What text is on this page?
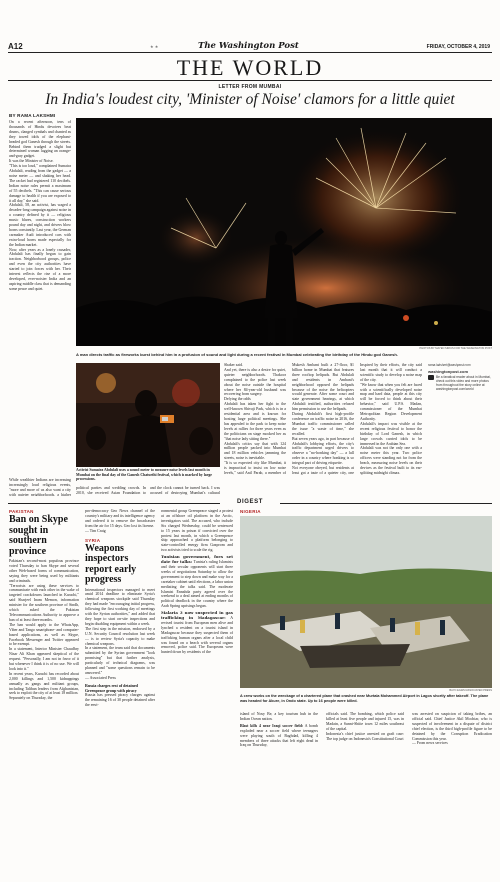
A12	★ ★	The Washington Post	FRIDAY, OCTOBER 4, 2019
THE WORLD
LETTER FROM MUMBAI
In India's loudest city, 'Minister of Noise' clamors for a little quiet
BY RAMA LAKSHMI
On a recent afternoon, tens of thousands of Hindu devotees beat drums, clanged cymbals and chanted as they towed idols of the elephant-headed god Ganesh through the streets. Behind them trudged a slight but determined woman lugging an orange-and-gray gadget.
It was the Minister of Noise.
"This is too loud," complained Sumaira Abdulali, reading from the gadget — a noise meter — and shaking her head. The racket had registered 110 decibels. Indian noise rules permit a maximum of 55 decibels. "This can cause serious damage to health if you are exposed to it all day," she said.
Abdulali, 58, an activist, has waged a decades-long campaign against noise in a country defined by it — religious music blares, construction workers pound day and night, and drivers blow horns constantly. Last year, the German carmaker Audi introduced cars with extra-loud horns made especially for the Indian market.
Now, after years as a lonely crusader, Abdulali has finally begun to gain traction. Neighborhood groups, police and even the city authorities have started to join forces with her. Their interest reflects the rise of a more developed, ever-noisier India and an aspiring middle class that is demanding some peace and quiet.
PHOTOS BY MAYEN SIRIUS FOR THE WASHINGTON POST
A man directs traffic as fireworks burst behind him in a profusion of sound and light during a recent festival in Mumbai celebrating the birthday of the Hindu god Ganesh.
Shaker said.
And yet, there is also a desire for quiet, quieter neighborhoods. Thakoor complained to the police last week about the noise outside the hospital where her 84-year-old husband was recovering from surgery.
Defying the odds
Abdulali has taken her fight to the well-known Shivaji Park, which is in a residential area and is known for hosting large political meetings. She has appealed to the park to keep noise levels at rallies for three years even as the politicians on stage mocked her as "that noise lady sitting there."
Abdulali's critics say that with 124 million people packed into Mumbai and 18 million vehicles jamming the streets, noise is inevitable.
"It is so expected city like Mumbai, it is impractical to insist on low noise levels," said Anil Parab, a member of

Mukesh Ambani built a 27-floor, $1 billion home in Mumbai that features three rooftop helipads. But Abdulali and residents in Ambani's neighborhood opposed the helipads because of the noise the helicopters would generate. After some court and state government hearings, at which Abdulali testified, authorities refused him permission to use the helipads.
During Abdulali's first high-profile conference on traffic noise in 2016, the Mumbai traffic commissioner called the issue "a waste of time," she recalled.
But seven years ago, in part because of Abdulali's lobbying efforts, the city's traffic department urged drivers to observe a "no-honking day" — a lull order in a country where honking is so integral part of driving etiquette.
Not everyone obeyed, but residents at least got a taste of a quieter city, one

Inspired by their efforts, the city said last month that it will conduct a scientific study to develop a noise map of the city.
"We know that when you felt are faced with a scientifically developed noise map and hard data, people at this city will be forced to think about their behavior," said U.P.S. Madan, commissioner of the Mumbai Metropolitan Region Development Authority.
Abdulali's impact was visible at the recent religious festival to honor the birthday of Lord Ganesh, in which large crowds carried idols to be immersed in the Arabian Sea.
Abdulali was not the only one with a noise meter this year. Two police officers were standing not far from the beach, measuring noise levels on their devices as the festival built to its ear-splitting midnight climax.

rama.lakshmi@washpost.com
washingtonpost.com
Be a fanatical reader about in Mumbai, check out this video and more photos from throughout the story online at washingtonpost.com/world
Activist Sumaira Abdulali uses a sound meter to measure noise levels last month in Mumbai on the final day of the Ganesh Chaturthi festival, which is marked by large processions.
political parties and wedding crowds. In 2010, she received Asian Foundation to

and the clock cannot be turned back. I was accused of destroying Mumbai's cultural

While wealthier Indians are increasing increasingly loud religious events, "more and more of us also want a city with quieter neighborhoods, a higher

DIGEST
PAKISTAN
Ban on Skype sought in southern province
Pakistan's second-most populous province voted Thursday to ban Skype and several other Web-based forms of communication, saying they were being used by militants and criminals.
"Terrorists are using these services to communicate with each other in the wake of targeted crackdowns launched in Karachi," said Sharjeel Inam Memon, information minister for the southern province of Sindh, which asked the Pakistan Telecommunications Authority to approve a ban of at least three months.
The ban would apply to the WhatsApp, Viber and Tango smartphone- and computer-based applications, as well as Skype, Facebook Messenger and Twitter appeared to be exempt.
In a statement, Interior Minister Chaudhry Nisar Ali Khan appeared skeptical of the request. "Personally, I am not in favor of it but whenever I think it is of no use. We will look into it."
In recent years, Karachi has recorded about 2,000 killings and 1,500 kidnappings annually as gangs and militant groups, including Taliban leaders from Afghanistan, seek to exploit the city of at least 18 million.
Separately on Thursday, the
pro-democracy Geo News channel of the country's military and its intelligence agency and ordered it to remove the broadcaster from the air for 15 days. Geo lost its license.
— Tim Craig
SYRIA
Weapons inspectors report early progress
International inspectors managed to meet amid 2014 deadline to eliminate Syria's chemical weapons stockpile said Thursday they had made "encouraging initial progress, following the first working day of meetings with the Syrian authorities," and added that they hope to start on-site inspections and begin disabling equipment within a week.
The first step in the mission, endorsed by a U.N. Security Council resolution last week — is to review Syria's capacity to make chemical weapons.
In a statement, the team said that documents submitted by the Syrian government "look promising" but that further analysis, particularly of technical diagrams, was planned and "some questions remain to be answered."
— Associated Press
Russia charges rest of detained Greenpeace group with piracy
Russia has pressed piracy charges against the remaining 16 of 30 people detained after the envi-
ronmental group Greenpeace staged a protest at an offshore oil platform in the Arctic, investigators said. The accused, who include Six charged Wednesday, could be sentenced to 15 years in prison if convicted over the protest last month, in which a Greenpeace ship approached a platform belonging to state-controlled energy firm Gazprom and two activists tried to scale the rig.
Tunisian government, foes set date for talks: Tunisia's ruling Islamists and their secular opponents will start three weeks of negotiations Saturday to allow the government to step down and make way for a caretaker cabinet until elections, a labor union mediating the talks said. The moderate Islamist Ennahda party agreed over the weekend to a deal aimed at ending months of political deadlock in the country where the Arab Spring uprisings began.
Malaria 3 now suspected in gas trafficking in Madagascar: A revised tourist from European men alive and lynched a resident on a tourist island in Madagascar because they suspected them of trafficking human organs after a local child was found on a beach with several organs removed, police said. The Europeans were hunted down by residents of the
NIGERIA
BAYO EGWU/ASSOCIATED PRESS
A crew works on the wreckage of a chartered plane that crashed near Murtala Mohammed Airport in Lagos shortly after takeoff. The plane was headed for Akure, in Ondo state. Up to 16 people were killed.
island of Nosy Be, a key tourism hub in the Indian Ocean nation.
Blast kills 4 near Iraqi soccer field: A bomb exploded near a soccer field where teenagers were playing south of Baghdad, killing 4 members of three attacks that left eight dead in Iraq on Thursday,
officials said. The bombing, which police said killed at least five people and injured 15, was in Madain, a Sunni-Shiite town 12 miles southeast of the capital.
Indonesia's chief justice arrested on graft case: The top judge on Indonesia's Constitutional Court
was arrested on suspicion of taking bribes, an official said. Chief Justice Akil Mochtar, who is suspected of involvement in a dispute of district chief election, is the third high-profile figure to be detained by the Corruption Eradication Commission this year.
— From news services
